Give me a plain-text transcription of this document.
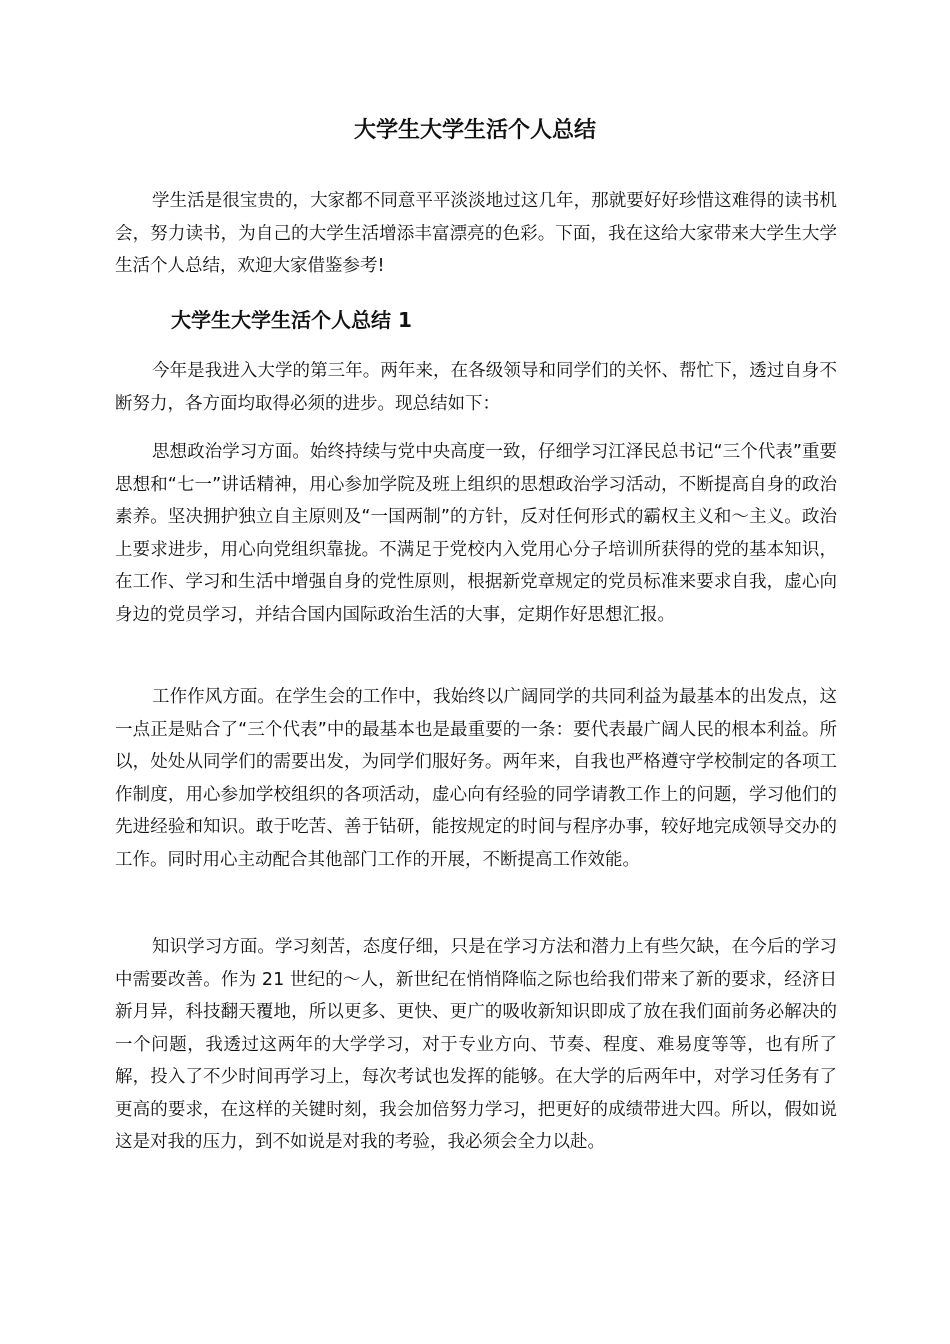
大学生大学生活个人总结

学生活是很宝贵的，大家都不同意平平淡淡地过这几年，那就要好好珍惜这难得的读书机会，努力读书，为自己的大学生活增添丰富漂亮的色彩。下面，我在这给大家带来大学生大学生活个人总结，欢迎大家借鉴参考!

大学生大学生活个人总结 1

今年是我进入大学的第三年。两年来，在各级领导和同学们的关怀、帮忙下，透过自身不断努力，各方面均取得必须的进步。现总结如下：

思想政治学习方面。始终持续与党中央高度一致，仔细学习江泽民总书记“三个代表”重要思想和“七一”讲话精神，用心参加学院及班上组织的思想政治学习活动，不断提高自身的政治素养。坚决拥护独立自主原则及“一国两制”的方针，反对任何形式的霸权主义和～主义。政治上要求进步，用心向党组织靠拢。不满足于党校内入党用心分子培训所获得的党的基本知识，在工作、学习和生活中增强自身的党性原则，根据新党章规定的党员标准来要求自我，虚心向身边的党员学习，并结合国内国际政治生活的大事，定期作好思想汇报。

工作作风方面。在学生会的工作中，我始终以广阔同学的共同利益为最基本的出发点，这一点正是贴合了“三个代表”中的最基本也是最重要的一条：要代表最广阔人民的根本利益。所以，处处从同学们的需要出发，为同学们服好务。两年来，自我也严格遵守学校制定的各项工作制度，用心参加学校组织的各项活动，虚心向有经验的同学请教工作上的问题，学习他们的先进经验和知识。敢于吃苦、善于钻研，能按规定的时间与程序办事，较好地完成领导交办的工作。同时用心主动配合其他部门工作的开展，不断提高工作效能。

知识学习方面。学习刻苦，态度仔细，只是在学习方法和潜力上有些欠缺，在今后的学习中需要改善。作为 21 世纪的～人，新世纪在悄悄降临之际也给我们带来了新的要求，经济日新月异，科技翻天覆地，所以更多、更快、更广的吸收新知识即成了放在我们面前务必解决的一个问题，我透过这两年的大学学习，对于专业方向、节奏、程度、难易度等等，也有所了解，投入了不少时间再学习上，每次考试也发挥的能够。在大学的后两年中，对学习任务有了更高的要求，在这样的关键时刻，我会加倍努力学习，把更好的成绩带进大四。所以，假如说这是对我的压力，到不如说是对我的考验，我必须会全力以赴。
